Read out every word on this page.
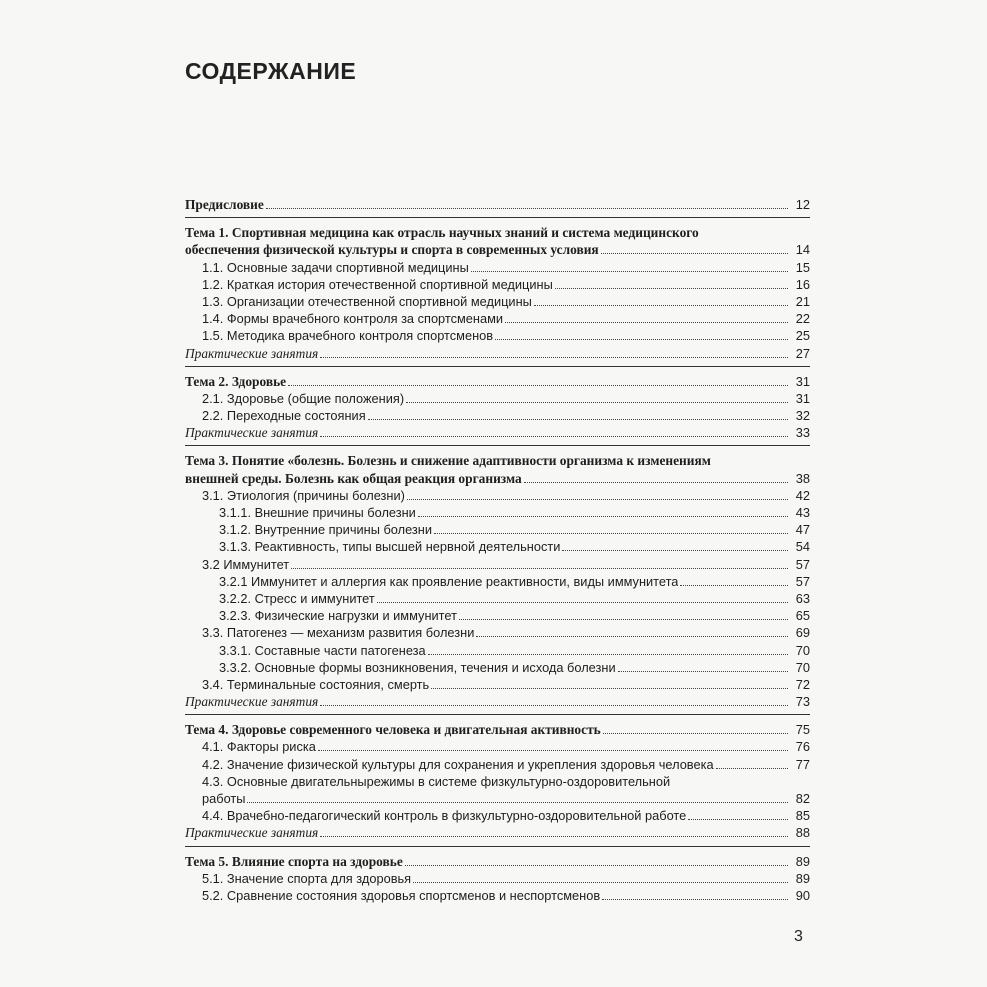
СОДЕРЖАНИЕ
Предисловие	12
Тема 1. Спортивная медицина как отрасль научных знаний и система медицинского
обеспечения физической культуры и спорта в современных условия	14
1.1. Основные задачи спортивной медицины	15
1.2. Краткая история отечественной спортивной медицины	16
1.3. Организации отечественной спортивной медицины	21
1.4. Формы врачебного контроля за спортсменами	22
1.5. Методика врачебного контроля спортсменов	25
Практические занятия	27
Тема 2. Здоровье	31
2.1. Здоровье (общие положения)	31
2.2. Переходные состояния	32
Практические занятия	33
Тема 3. Понятие «болезнь. Болезнь и снижение адаптивности организма к изменениям
внешней среды. Болезнь как общая реакция организма	38
3.1. Этиология (причины болезни)	42
3.1.1. Внешние причины болезни	43
3.1.2. Внутренние причины болезни	47
3.1.3. Реактивность, типы высшей нервной деятельности	54
3.2 Иммунитет	57
3.2.1 Иммунитет и аллергия как проявление реактивности, виды иммунитета	57
3.2.2. Стресс и иммунитет	63
3.2.3. Физические нагрузки и иммунитет	65
3.3. Патогенез — механизм развития болезни	69
3.3.1. Составные части патогенеза	70
3.3.2. Основные формы возникновения, течения и исхода болезни	70
3.4. Терминальные состояния, смерть	72
Практические занятия	73
Тема 4. Здоровье современного человека и двигательная активность	75
4.1. Факторы риска	76
4.2. Значение физической культуры для сохранения и укрепления здоровья человека	77
4.3. Основные двигательнырежимы в системе физкультурно-оздоровительной
работы	82
4.4. Врачебно-педагогический контроль в физкультурно-оздоровительной работе	85
Практические занятия	88
Тема 5. Влияние спорта на здоровье	89
5.1. Значение спорта для здоровья	89
5.2. Сравнение состояния здоровья спортсменов и неспортсменов	90
3
